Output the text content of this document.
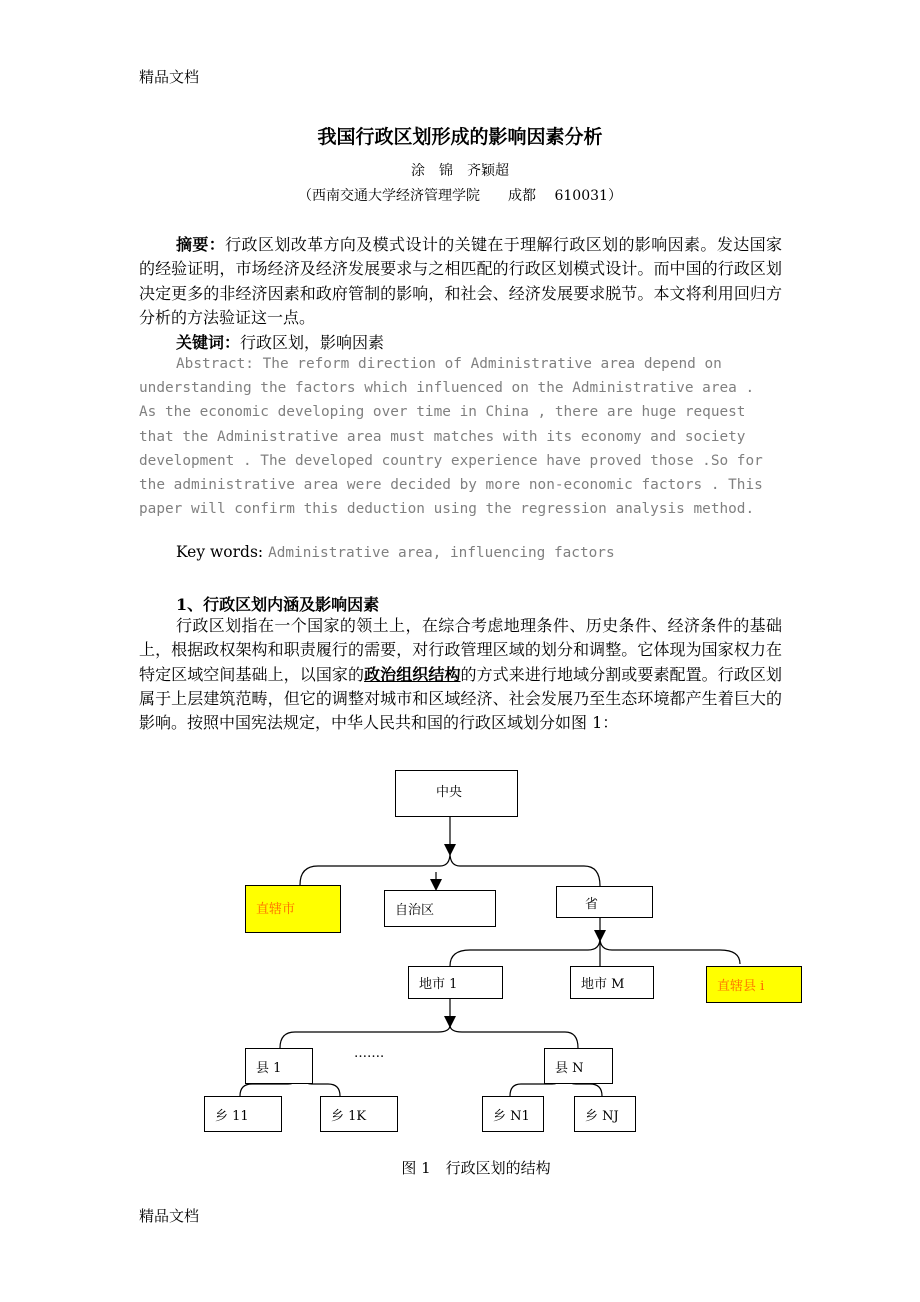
精品文档
我国行政区划形成的影响因素分析
涂　锦　齐颖超
（西南交通大学经济管理学院　　成都　 610031）

摘要：行政区划改革方向及模式设计的关键在于理解行政区划的影响因素。发达国家的经验证明，市场经济及经济发展要求与之相匹配的行政区划模式设计。而中国的行政区划决定更多的非经济因素和政府管制的影响，和社会、经济发展要求脱节。本文将利用回归方分析的方法验证这一点。

关键词：行政区划，影响因素
Abstract: The reform direction of Administrative area depend on
understanding the factors which influenced on the Administrative area .
As the economic developing over time in China , there are huge request
that the Administrative area must matches with its economy and society
development . The developed country experience have proved those .So for
the administrative area were decided by more non-economic factors . This
paper will confirm this deduction using the regression analysis method.
Key words: Administrative area, influencing factors
1、行政区划内涵及影响因素

行政区划指在一个国家的领土上，在综合考虑地理条件、历史条件、经济条件的基础上，根据政权架构和职责履行的需要，对行政管理区域的划分和调整。它体现为国家权力在特定区域空间基础上，以国家的政治组织结构的方式来进行地域分割或要素配置。行政区划属于上层建筑范畴，但它的调整对城市和区域经济、社会发展乃至生态环境都产生着巨大的影响。按照中国宪法规定，中华人民共和国的行政区域划分如图 1：

中央
直辖市	自治区	省
地市 1	地市 M	直辖县 i
县 1
…….
县 N
乡 11	乡 1K	乡 N1	乡 NJ
图 1　行政区划的结构
精品文档
